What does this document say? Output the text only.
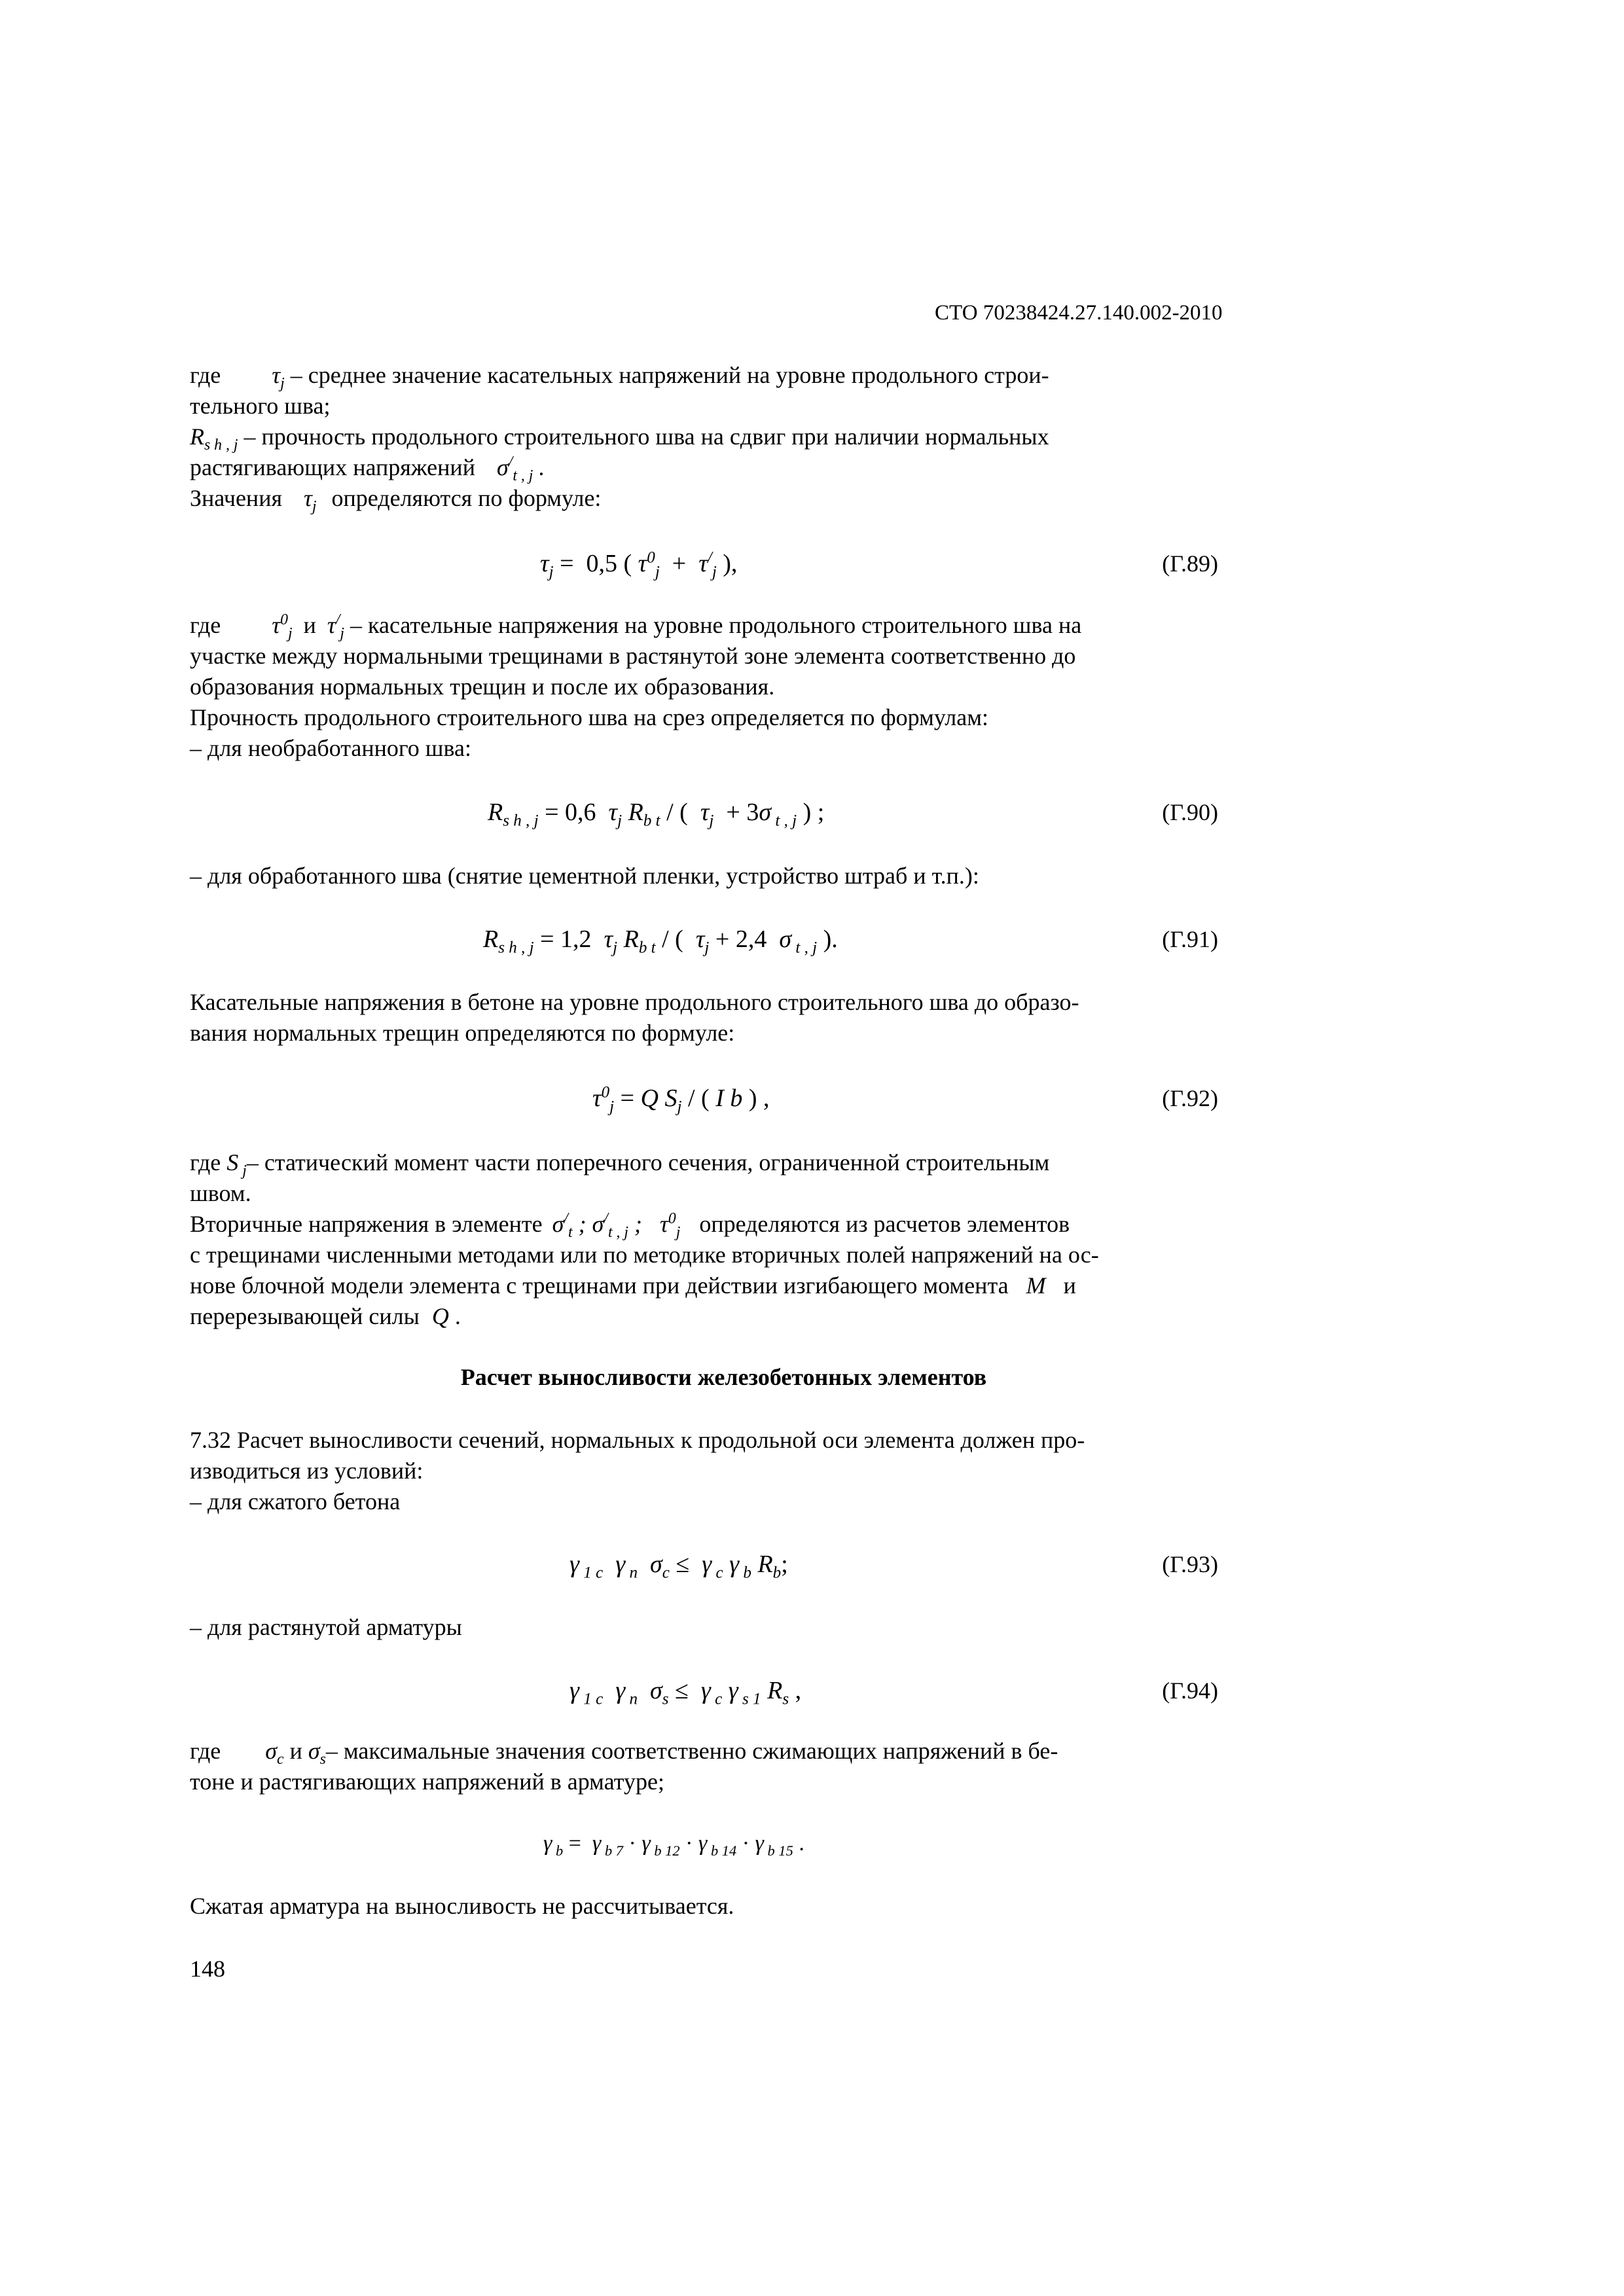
СТО 70238424.27.140.002-2010
где $\tau_j$ – среднее значение касательных напряжений на уровне продольного строи-
тельного шва;
$R_{s h , j}$ – прочность продольного строительного шва на сдвиг при наличии нормальных
растягивающих напряжений $\sigma^/_{t , j}$ .
Значения $\tau_j$ определяются по формуле:
$\tau_j = 0,5$ ( $\tau^0_j + \tau^/_j$ ),	(Г.89)
где $\tau^0_j$ и $\tau^/_j$ – касательные напряжения на уровне продольного строительного шва на
участке между нормальными трещинами в растянутой зоне элемента соответственно до
образования нормальных трещин и после их образования.
Прочность продольного строительного шва на срез определяется по формулам:
– для необработанного шва:
$R_{s h , j} = 0,6$  $\tau_j$ $R_{b t}$ / (  $\tau_j + 3\sigma$ $_{t , j}$ ) ;	(Г.90)
– для обработанного шва (снятие цементной пленки, устройство штраб и т.п.):
$R_{s h , j} = 1,2$  $\tau_j$ $R_{b t}$ / (  $\tau_j + 2,4$  σ $_{t , j}$ ).	(Г.91)
Касательные напряжения в бетоне на уровне продольного строительного шва до образо-
вания нормальных трещин определяются по формуле:
$\tau^0_j = Q$ $S_j$ / ( I b ) ,	(Г.92)
где S $_j$– статический момент части поперечного сечения, ограниченной строительным
швом.
Вторичные напряжения в элементе $\sigma^/_t$ ; $\sigma^/_{t , j}$ ;   $\tau^0_j$ определяются из расчетов элементов
с трещинами численными методами или по методике вторичных полей напряжений на ос-
нове блочной модели элемента с трещинами при действии изгибающего момента M и
перерезывающей силы Q .
Расчет выносливости железобетонных элементов
7.32 Расчет выносливости сечений, нормальных к продольной оси элемента должен про-
изводиться из условий:
– для сжатого бетона
γ $_{1 c}$  γ $_n$  $\sigma_c \le \gamma$ $_c$ γ $_b$ $R_b$;	(Г.93)
– для растянутой арматуры
γ $_{1 c}$  γ $_n$  $\sigma_s \le \gamma$ $_c$ γ $_{s 1}$ $R_s$ ,	(Г.94)
где $\sigma_c$ и $\sigma_s-$ максимальные значения соответственно сжимающих напряжений в бе-
тоне и растягивающих напряжений в арматуре;
γ $_b$ =  γ $_{b 7}$ · γ $_{b 12}$ · γ $_{b 14}$ · γ $_{b 15}$ .
Сжатая арматура на выносливость не рассчитывается.
148
